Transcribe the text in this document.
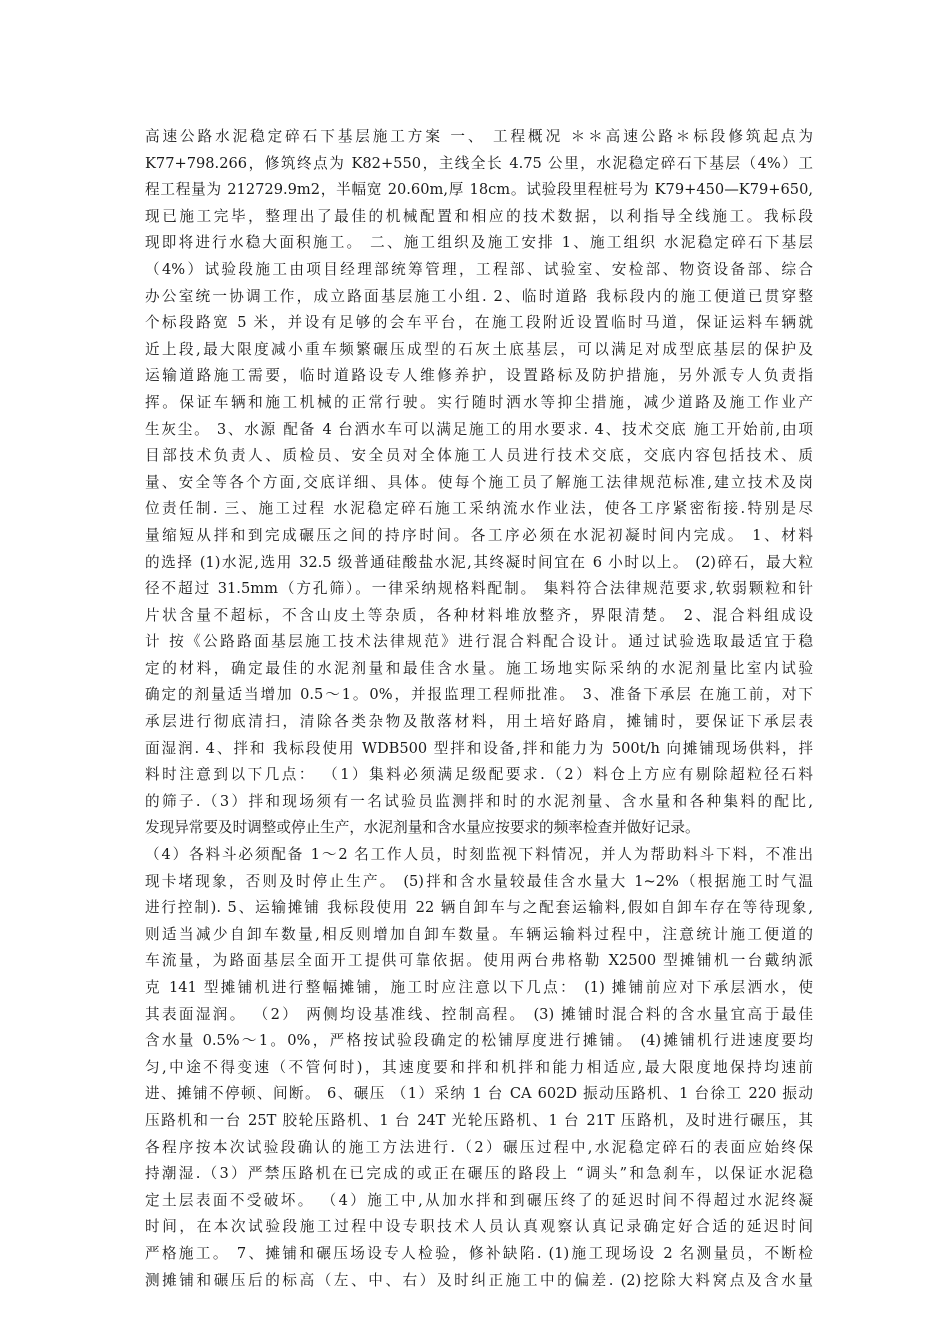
高速公路水泥稳定碎石下基层施工方案 一、 工程概况 ＊＊高速公路＊标段修筑起点为
K77+798.266，修筑终点为 K82+550，主线全长 4.75 公里，水泥稳定碎石下基层（4%）工
程工程量为 212729.9m2，半幅宽 20.60m,厚 18cm。试验段里程桩号为 K79+450—K79+650,
现已施工完毕，整理出了最佳的机械配置和相应的技术数据，以利指导全线施工。我标段
现即将进行水稳大面积施工。 二、施工组织及施工安排 1、施工组织 水泥稳定碎石下基层
（4%）试验段施工由项目经理部统筹管理，工程部、试验室、安检部、物资设备部、综合
办公室统一协调工作，成立路面基层施工小组. 2、临时道路 我标段内的施工便道已贯穿整
个标段路宽 5 米，并设有足够的会车平台，在施工段附近设置临时马道，保证运料车辆就
近上段,最大限度减小重车频繁碾压成型的石灰土底基层，可以满足对成型底基层的保护及
运输道路施工需要，临时道路设专人维修养护，设置路标及防护措施，另外派专人负责指
挥。保证车辆和施工机械的正常行驶。实行随时洒水等抑尘措施，减少道路及施工作业产
生灰尘。 3、水源 配备 4 台洒水车可以满足施工的用水要求. 4、技术交底 施工开始前,由项
目部技术负责人、质检员、安全员对全体施工人员进行技术交底，交底内容包括技术、质
量、安全等各个方面,交底详细、具体。使每个施工员了解施工法律规范标准,建立技术及岗
位责任制. 三、施工过程 水泥稳定碎石施工采纳流水作业法，使各工序紧密衔接.特别是尽
量缩短从拌和到完成碾压之间的持序时间。各工序必须在水泥初凝时间内完成。 1、材料
的选择 (1)水泥,选用 32.5 级普通硅酸盐水泥,其终凝时间宜在 6 小时以上。 (2)碎石，最大粒
径不超过 31.5mm（方孔筛）。一律采纳规格料配制。 集料符合法律规范要求,软弱颗粒和针
片状含量不超标，不含山皮土等杂质，各种材料堆放整齐，界限清楚。 2、混合料组成设
计 按《公路路面基层施工技术法律规范》进行混合料配合设计。通过试验选取最适宜于稳
定的材料，确定最佳的水泥剂量和最佳含水量。施工场地实际采纳的水泥剂量比室内试验
确定的剂量适当增加 0.5～1。0%，并报监理工程师批准。 3、准备下承层 在施工前，对下
承层进行彻底清扫，清除各类杂物及散落材料，用土培好路肩，摊铺时，要保证下承层表
面湿润. 4、拌和 我标段使用 WDB500 型拌和设备,拌和能力为 500t/h 向摊铺现场供料，拌
料时注意到以下几点： （1）集料必须满足级配要求.（2）料仓上方应有剔除超粒径石料
的筛子.（3）拌和现场须有一名试验员监测拌和时的水泥剂量、含水量和各种集料的配比,
发现异常要及时调整或停止生产，水泥剂量和含水量应按要求的频率检查并做好记录。
（4）各料斗必须配备 1～2 名工作人员，时刻监视下料情况，并人为帮助料斗下料，不准出
现卡堵现象，否则及时停止生产。 (5)拌和含水量较最佳含水量大 1~2%（根据施工时气温
进行控制). 5、运输摊铺 我标段使用 22 辆自卸车与之配套运输料,假如自卸车存在等待现象,
则适当减少自卸车数量,相反则增加自卸车数量。车辆运输料过程中，注意统计施工便道的
车流量，为路面基层全面开工提供可靠依据。使用两台弗格勒 X2500 型摊铺机一台戴纳派
克 141 型摊铺机进行整幅摊铺，施工时应注意以下几点： (1) 摊铺前应对下承层洒水，使
其表面湿润。 （2） 两侧均设基准线、控制高程。 (3) 摊铺时混合料的含水量宜高于最佳
含水量 0.5%～1。0%，严格按试验段确定的松铺厚度进行摊铺。 (4)摊铺机行进速度要均
匀,中途不得变速（不管何时)，其速度要和拌和机拌和能力相适应,最大限度地保持均速前
进、摊铺不停顿、间断。 6、碾压 （1）采纳 1 台 CA 602D 振动压路机、1 台徐工 220 振动
压路机和一台 25T 胶轮压路机、1 台 24T 光轮压路机、1 台 21T 压路机，及时进行碾压，其
各程序按本次试验段确认的施工方法进行.（2）碾压过程中,水泥稳定碎石的表面应始终保
持潮湿.（3）严禁压路机在已完成的或正在碾压的路段上 “调头”和急刹车，以保证水泥稳
定土层表面不受破坏。 （4）施工中,从加水拌和到碾压终了的延迟时间不得超过水泥终凝
时间，在本次试验段施工过程中设专职技术人员认真观察认真记录确定好合适的延迟时间
严格施工。 7、摊铺和碾压场设专人检验，修补缺陷. (1)施工现场设 2 名测量员，不断检
测摊铺和碾压后的标高（左、中、右）及时纠正施工中的偏差. (2)挖除大料窝点及含水量
